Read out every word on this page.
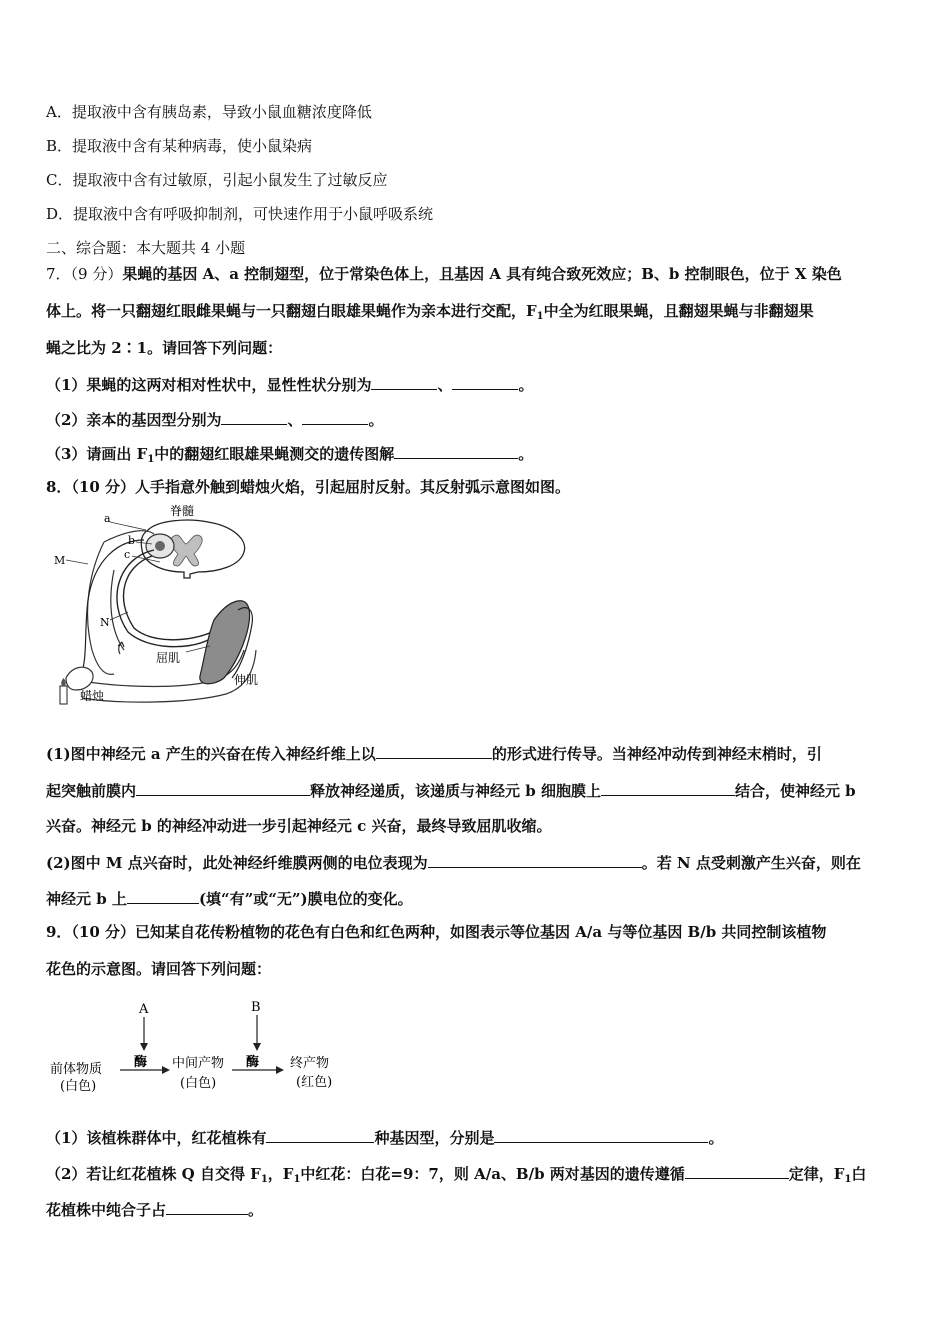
A．提取液中含有胰岛素，导致小鼠血糖浓度降低
B．提取液中含有某种病毒，使小鼠染病
C．提取液中含有过敏原，引起小鼠发生了过敏反应
D．提取液中含有呼吸抑制剂，可快速作用于小鼠呼吸系统
二、综合题：本大题共 4 小题
7．（9 分）果蝇的基因 A、a 控制翅型，位于常染色体上，且基因 A 具有纯合致死效应；B、b 控制眼色，位于 X 染色
体上。将一只翻翅红眼雌果蝇与一只翻翅白眼雄果蝇作为亲本进行交配，$F_1$中全为红眼果蝇，且翻翅果蝇与非翻翅果
蝇之比为 2∶1。请回答下列问题：
（1）果蝇的这两对相对性状中，显性性状分别为	、	。
（2）亲本的基因型分别为	、	。
（3）请画出 $F_1$中的翻翅红眼雄果蝇测交的遗传图解	。
8．（10 分）人手指意外触到蜡烛火焰，引起屈肘反射。其反射弧示意图如图。
脊髓
a
b
c
M
N
屈肌
伸肌
蜡烛
(1)图中神经元 a 产生的兴奋在传入神经纤维上以	的形式进行传导。当神经冲动传到神经末梢时，引
起突触前膜内	释放神经递质，该递质与神经元 b 细胞膜上	结合，使神经元 b
兴奋。神经元 b 的神经冲动进一步引起神经元 c 兴奋，最终导致屈肌收缩。
(2)图中 M 点兴奋时，此处神经纤维膜两侧的电位表现为	。若 N 点受刺激产生兴奋，则在
神经元 b 上	(填“有”或“无”)膜电位的变化。
9．（10 分）已知某自花传粉植物的花色有白色和红色两种，如图表示等位基因 A/a 与等位基因 B/b 共同控制该植物
花色的示意图。请回答下列问题：
A	B
酶	酶
前体物质
(白色)
中间产物
(白色)
终产物
(红色)
（1）该植株群体中，红花植株有	种基因型，分别是	。
（2）若让红花植株 Q 自交得 $F_1$，$F_1$中红花：白花=9：7，则 A/a、B/b 两对基因的遗传遵循	定律，$F_1$白
花植株中纯合子占	。
